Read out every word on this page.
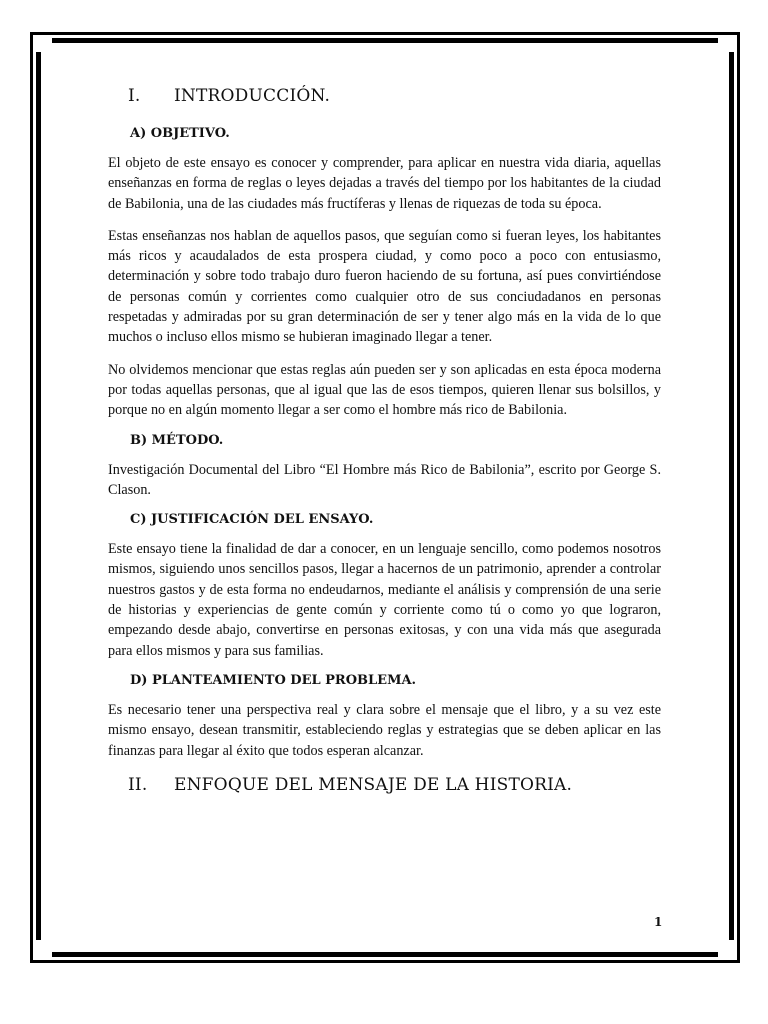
I.	INTRODUCCIÓN.
A) OBJETIVO.

El objeto de este ensayo es conocer y comprender, para aplicar en nuestra vida diaria, aquellas enseñanzas en forma de reglas o leyes dejadas a través del tiempo por los habitantes de la ciudad de Babilonia, una de las ciudades más fructíferas y llenas de riquezas de toda su época.

Estas enseñanzas nos hablan de aquellos pasos, que seguían como si fueran leyes, los habitantes más ricos y acaudalados de esta prospera ciudad, y como poco a poco con entusiasmo, determinación y sobre todo trabajo duro fueron haciendo de su fortuna, así pues convirtiéndose de personas común y corrientes como cualquier otro de sus conciudadanos en personas respetadas y admiradas por su gran determinación de ser y tener algo más en la vida de lo que muchos o incluso ellos mismo se hubieran imaginado llegar a tener.

No olvidemos mencionar que estas reglas aún pueden ser y son aplicadas en esta época moderna por todas aquellas personas, que al igual que las de esos tiempos, quieren llenar sus bolsillos, y porque no en algún momento llegar a ser como el hombre más rico de Babilonia.

B) MÉTODO.

Investigación Documental del Libro “El Hombre más Rico de Babilonia”, escrito por George S. Clason.

C) JUSTIFICACIÓN DEL ENSAYO.

Este ensayo tiene la finalidad de dar a conocer, en un lenguaje sencillo, como podemos nosotros mismos, siguiendo unos sencillos pasos, llegar a hacernos de un patrimonio, aprender a controlar nuestros gastos y de esta forma no endeudarnos, mediante el análisis y comprensión de una serie de historias y experiencias de gente común y corriente como tú o como yo que lograron, empezando desde abajo, convertirse en personas exitosas, y con una vida más que asegurada para ellos mismos y para sus familias.

D) PLANTEAMIENTO DEL PROBLEMA.

Es necesario tener una perspectiva real y clara sobre el mensaje que el libro, y a su vez este mismo ensayo, desean transmitir, estableciendo reglas y estrategias que se deben aplicar en las finanzas para llegar al éxito que todos esperan alcanzar.

II.	ENFOQUE DEL MENSAJE DE LA HISTORIA.
1
